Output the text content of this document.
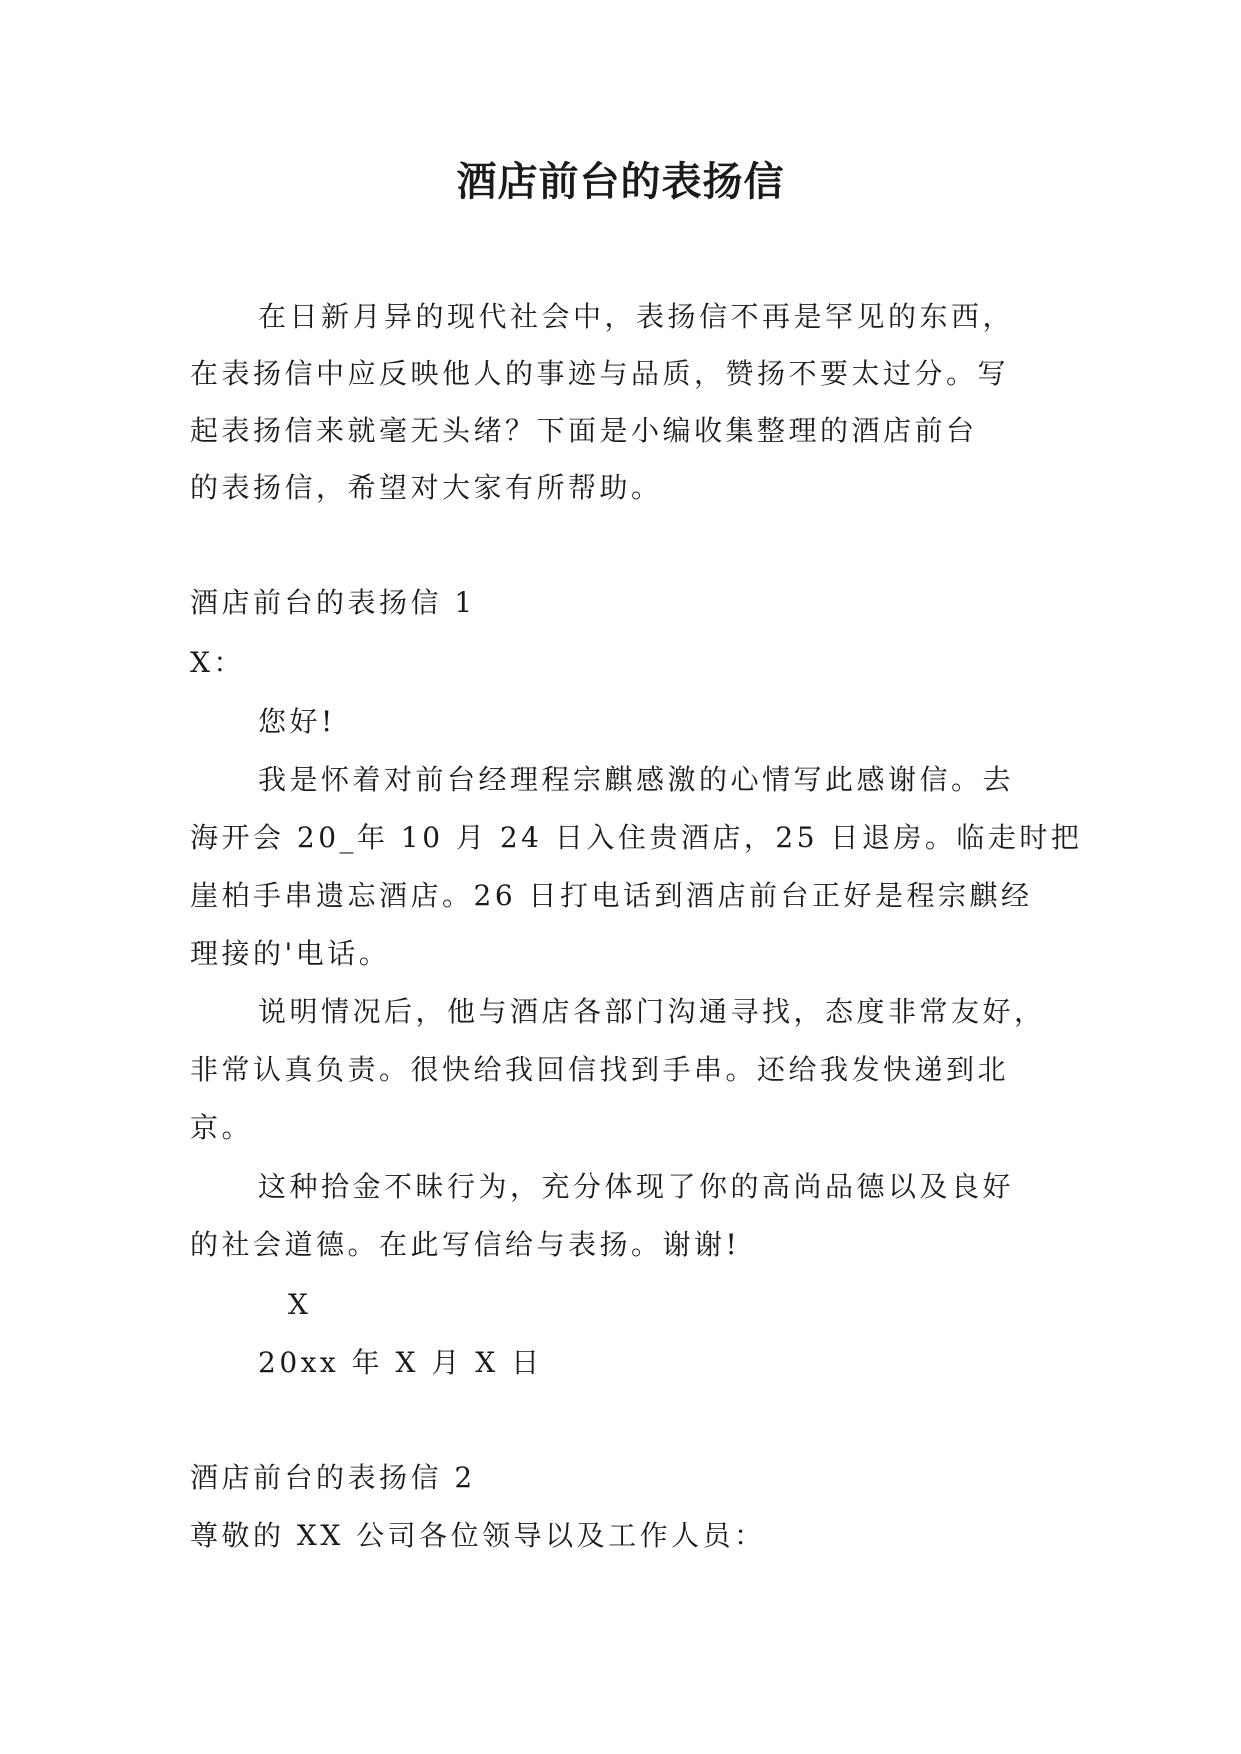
酒店前台的表扬信
在日新月异的现代社会中，表扬信不再是罕见的东西，
在表扬信中应反映他人的事迹与品质，赞扬不要太过分。写
起表扬信来就毫无头绪？下面是小编收集整理的酒店前台
的表扬信，希望对大家有所帮助。
酒店前台的表扬信 1
X：
您好!
我是怀着对前台经理程宗麒感激的心情写此感谢信。去
海开会 20_年 10 月 24 日入住贵酒店，25 日退房。临走时把
崖柏手串遗忘酒店。26 日打电话到酒店前台正好是程宗麒经
理接的'电话。
说明情况后，他与酒店各部门沟通寻找，态度非常友好，
非常认真负责。很快给我回信找到手串。还给我发快递到北
京。
这种拾金不昧行为，充分体现了你的高尚品德以及良好
的社会道德。在此写信给与表扬。谢谢!
X
20xx 年 X 月 X 日
酒店前台的表扬信 2
尊敬的 XX 公司各位领导以及工作人员：
